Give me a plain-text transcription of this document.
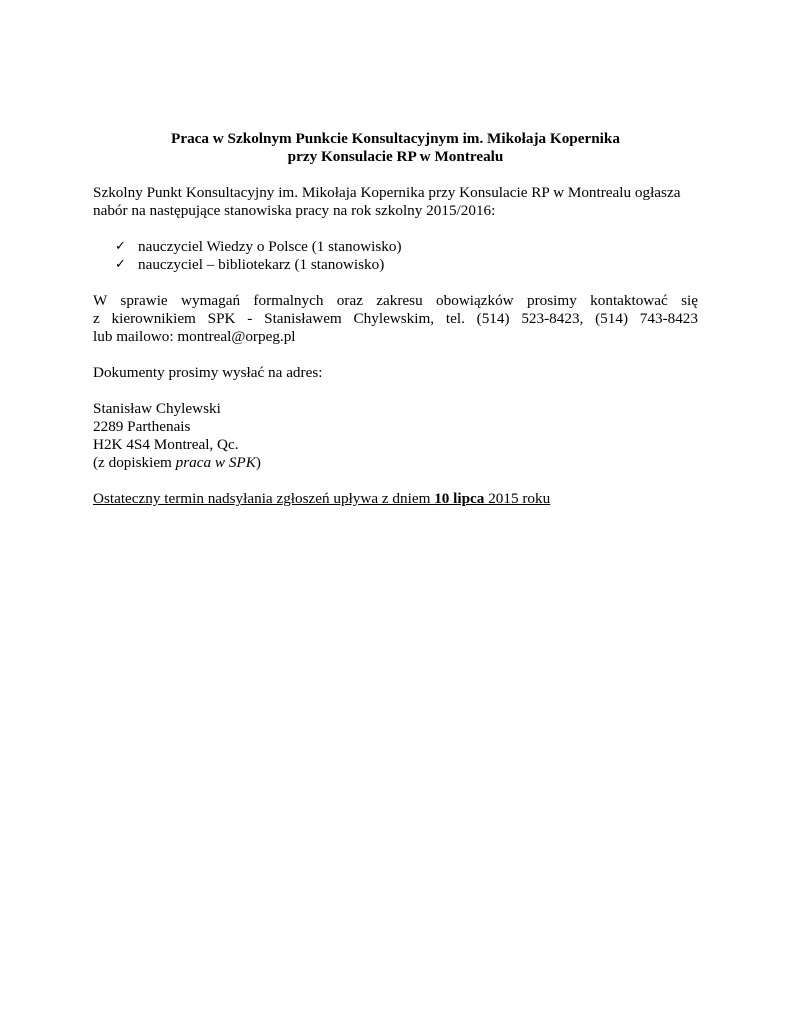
Praca w Szkolnym Punkcie Konsultacyjnym im. Mikołaja Kopernika
przy Konsulacie RP w Montrealu
Szkolny Punkt Konsultacyjny im. Mikołaja Kopernika przy Konsulacie RP w Montrealu ogłasza
nabór na następujące stanowiska pracy na rok szkolny 2015/2016:
✓ nauczyciel Wiedzy o Polsce (1 stanowisko)
✓ nauczyciel – bibliotekarz (1 stanowisko)
W sprawie wymagań formalnych oraz zakresu obowiązków prosimy kontaktować się
z kierownikiem SPK - Stanisławem Chylewskim, tel. (514) 523-8423, (514) 743-8423
lub mailowo: montreal@orpeg.pl

Dokumenty prosimy wysłać na adres:

Stanisław Chylewski
2289 Parthenais
H2K 4S4 Montreal, Qc.
(z dopiskiem praca w SPK)

Ostateczny termin nadsyłania zgłoszeń upływa z dniem 10 lipca 2015 roku
